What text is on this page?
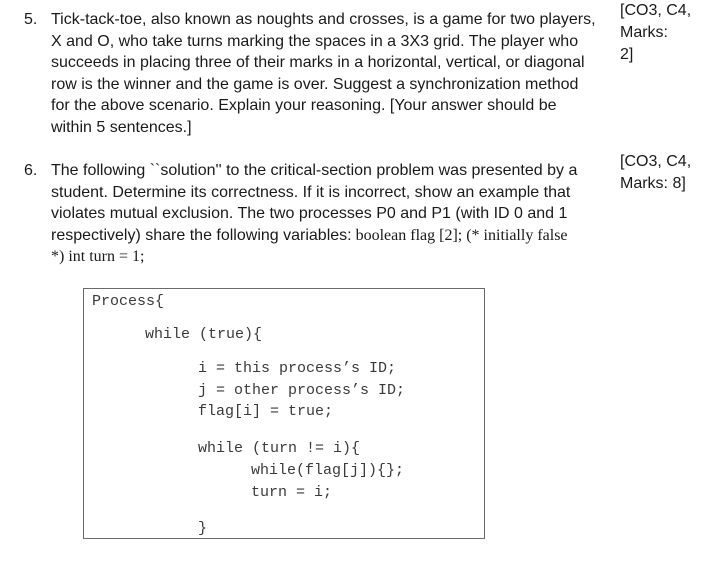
5. Tick-tack-toe, also known as noughts and crosses, is a game for two players,
X and O, who take turns marking the spaces in a 3X3 grid. The player who
succeeds in placing three of their marks in a horizontal, vertical, or diagonal
row is the winner and the game is over. Suggest a synchronization method
for the above scenario. Explain your reasoning. [Your answer should be
within 5 sentences.]
[CO3, C4,
Marks:
2]
6. The following ``solution'' to the critical-section problem was presented by a
student. Determine its correctness. If it is incorrect, show an example that
violates mutual exclusion. The two processes P0 and P1 (with ID 0 and 1
respectively) share the following variables: boolean flag [2]; (* initially false
*) int turn = 1;
[CO3, C4,
Marks: 8]
Process{
while (true){
i = this process’s ID;
j = other process’s ID;
flag[i] = true;
while (turn != i){
while(flag[j]){};
turn = i;
}
